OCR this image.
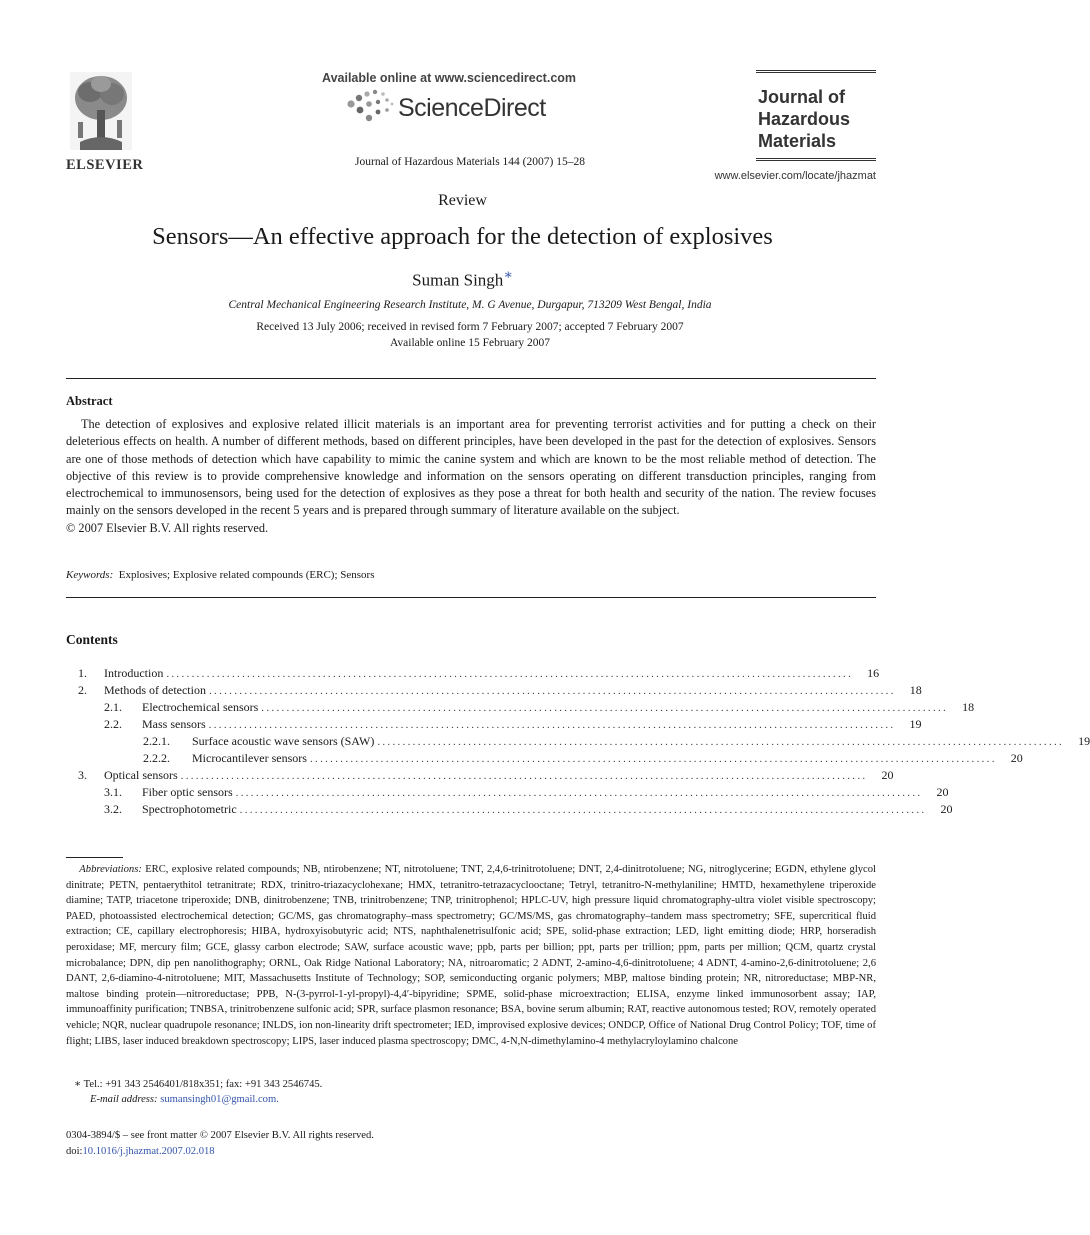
ELSEVIER
Available online at www.sciencedirect.com
ScienceDirect
Journal of Hazardous Materials 144 (2007) 15–28
Journal of
Hazardous
Materials
www.elsevier.com/locate/jhazmat
Review
Sensors—An effective approach for the detection of explosives
Suman Singh∗
Central Mechanical Engineering Research Institute, M. G Avenue, Durgapur, 713209 West Bengal, India
Received 13 July 2006; received in revised form 7 February 2007; accepted 7 February 2007
Available online 15 February 2007
Abstract

The detection of explosives and explosive related illicit materials is an important area for preventing terrorist activities and for putting a check on their deleterious effects on health. A number of different methods, based on different principles, have been developed in the past for the detection of explosives. Sensors are one of those methods of detection which have capability to mimic the canine system and which are known to be the most reliable method of detection. The objective of this review is to provide comprehensive knowledge and information on the sensors operating on different transduction principles, ranging from electrochemical to immunosensors, being used for the detection of explosives as they pose a threat for both health and security of the nation. The review focuses mainly on the sensors developed in the recent 5 years and is prepared through summary of literature available on the subject.

© 2007 Elsevier B.V. All rights reserved.
Keywords: Explosives; Explosive related compounds (ERC); Sensors
Contents
1.	Introduction ........................................................................................................................................	16
2.	Methods of detection ........................................................................................................................................	18
2.1.	Electrochemical sensors ........................................................................................................................................	18
2.2.	Mass sensors ........................................................................................................................................	19
2.2.1.	Surface acoustic wave sensors (SAW) ........................................................................................................................................	19
2.2.2.	Microcantilever sensors ........................................................................................................................................	20
3.	Optical sensors ........................................................................................................................................	20
3.1.	Fiber optic sensors ........................................................................................................................................	20
3.2.	Spectrophotometric ........................................................................................................................................	20
Abbreviations: ERC, explosive related compounds; NB, ntirobenzene; NT, nitrotoluene; TNT, 2,4,6-trinitrotoluene; DNT, 2,4-dinitrotoluene; NG, nitroglycerine; EGDN, ethylene glycol dinitrate; PETN, pentaerythitol tetranitrate; RDX, trinitro-triazacyclohexane; HMX, tetranitro-tetrazacyclooctane; Tetryl, tetranitro-N-methylaniline; HMTD, hexamethylene triperoxide diamine; TATP, triacetone triperoxide; DNB, dinitrobenzene; TNB, trinitrobenzene; TNP, trinitrophenol; HPLC-UV, high pressure liquid chromatography-ultra violet visible spectroscopy; PAED, photoassisted electrochemical detection; GC/MS, gas chromatography–mass spectrometry; GC/MS/MS, gas chromatography–tandem mass spectrometry; SFE, supercritical fluid extraction; CE, capillary electrophoresis; HIBA, hydroxyisobutyric acid; NTS, naphthalenetrisulfonic acid; SPE, solid-phase extraction; LED, light emitting diode; HRP, horseradish peroxidase; MF, mercury film; GCE, glassy carbon electrode; SAW, surface acoustic wave; ppb, parts per billion; ppt, parts per trillion; ppm, parts per million; QCM, quartz crystal microbalance; DPN, dip pen nanolithography; ORNL, Oak Ridge National Laboratory; NA, nitroaromatic; 2 ADNT, 2-amino-4,6-dinitrotoluene; 4 ADNT, 4-amino-2,6-dinitrotoluene; 2,6 DANT, 2,6-diamino-4-nitrotoluene; MIT, Massachusetts Institute of Technology; SOP, semiconducting organic polymers; MBP, maltose binding protein; NR, nitroreductase; MBP-NR, maltose binding protein—nitroreductase; PPB, N-(3-pyrrol-1-yl-propyl)-4,4′-bipyridine; SPME, solid-phase microextraction; ELISA, enzyme linked immunosorbent assay; IAP, immunoaffinity purification; TNBSA, trinitrobenzene sulfonic acid; SPR, surface plasmon resonance; BSA, bovine serum albumin; RAT, reactive autonomous tested; ROV, remotely operated vehicle; NQR, nuclear quadrupole resonance; INLDS, ion non-linearity drift spectrometer; IED, improvised explosive devices; ONDCP, Office of National Drug Control Policy; TOF, time of flight; LIBS, laser induced breakdown spectroscopy; LIPS, laser induced plasma spectroscopy; DMC, 4-N,N-dimethylamino-4 methylacryloylamino chalcone
∗ Tel.: +91 343 2546401/818x351; fax: +91 343 2546745.
E-mail address: sumansingh01@gmail.com.
0304-3894/$ – see front matter © 2007 Elsevier B.V. All rights reserved.
doi:10.1016/j.jhazmat.2007.02.018
